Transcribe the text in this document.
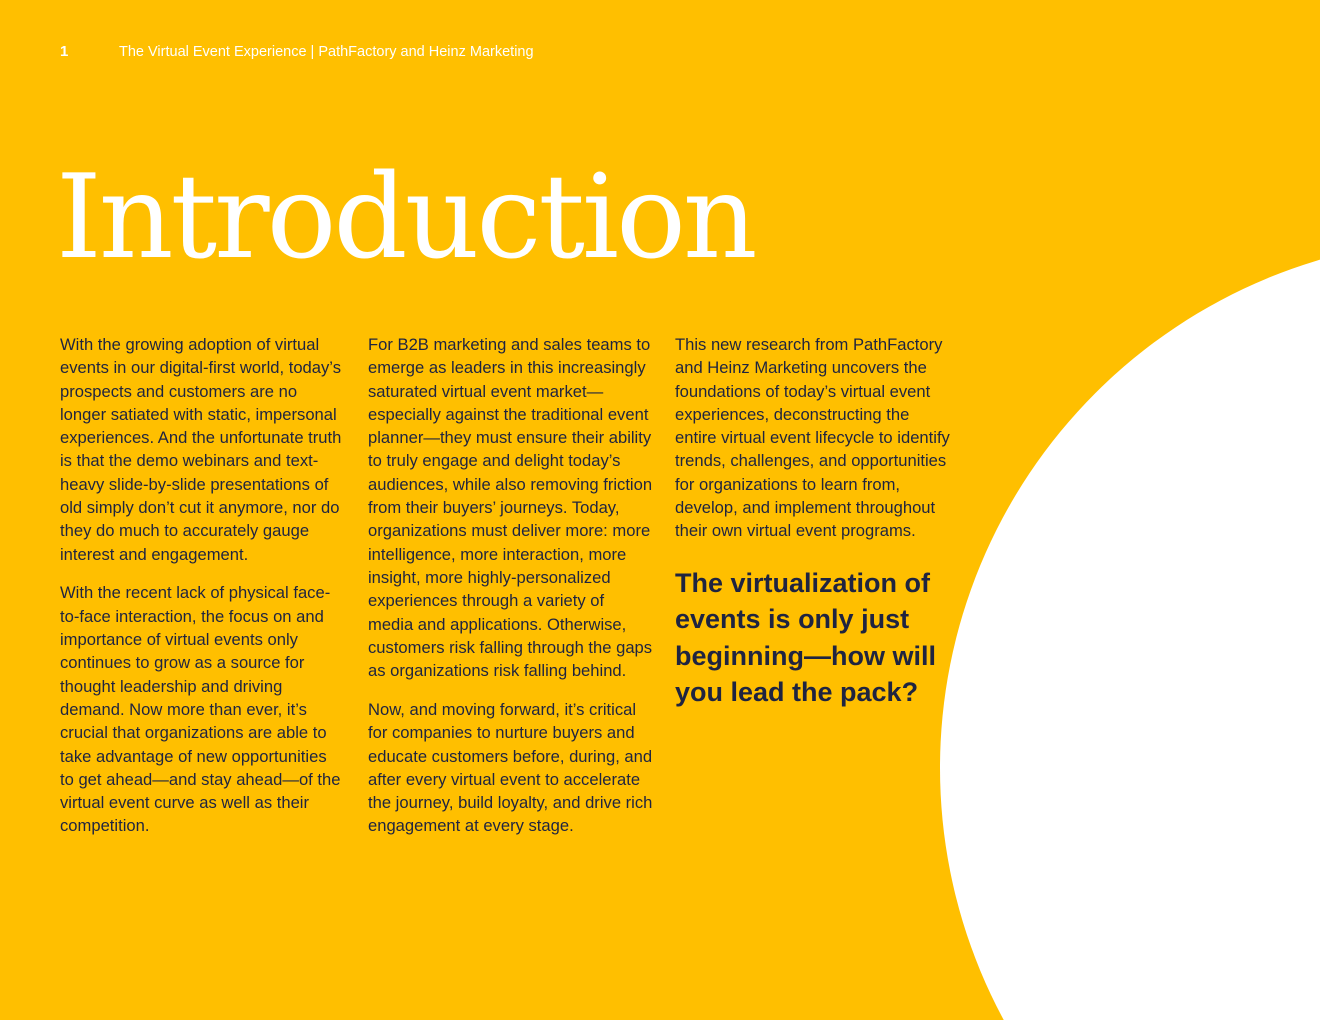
1	The Virtual Event Experience | PathFactory and Heinz Marketing
Introduction

With the growing adoption of virtual events in our digital-first world, today’s prospects and customers are no longer satiated with static, impersonal experiences. And the unfortunate truth is that the demo webinars and text-heavy slide-by-slide presentations of old simply don’t cut it anymore, nor do they do much to accurately gauge interest and engagement.

With the recent lack of physical face-to-face interaction, the focus on and importance of virtual events only continues to grow as a source for thought leadership and driving demand. Now more than ever, it’s crucial that organizations are able to take advantage of new opportunities to get ahead—and stay ahead—of the virtual event curve as well as their competition.

For B2B marketing and sales teams to emerge as leaders in this increasingly saturated virtual event market—especially against the traditional event planner—they must ensure their ability to truly engage and delight today’s audiences, while also removing friction from their buyers’ journeys. Today, organizations must deliver more: more intelligence, more interaction, more insight, more highly-personalized experiences through a variety of media and applications. Otherwise, customers risk falling through the gaps as organizations risk falling behind.

Now, and moving forward, it’s critical for companies to nurture buyers and educate customers before, during, and after every virtual event to accelerate the journey, build loyalty, and drive rich engagement at every stage.

This new research from PathFactory and Heinz Marketing uncovers the foundations of today’s virtual event experiences, deconstructing the entire virtual event lifecycle to identify trends, challenges, and opportunities for organizations to learn from, develop, and implement throughout their own virtual event programs.

The virtualization of events is only just beginning—how will you lead the pack?
